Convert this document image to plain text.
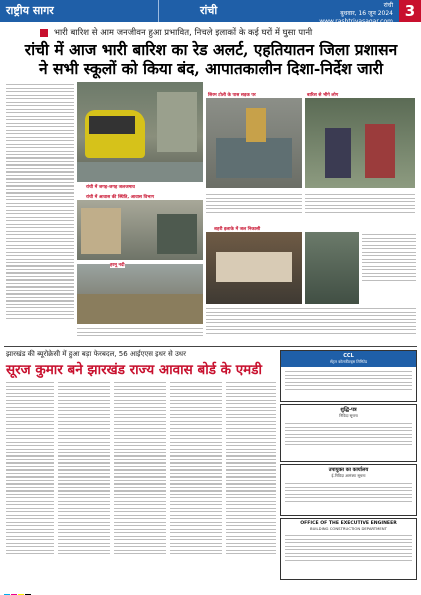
राष्ट्रीय सागर	रांची	रांची
बुधवार, 16 जून 2024
www.rashtriyasagar.com
3
भारी बारिश से आम जनजीवन हुआ प्रभावित, निचले इलाकों के कई घरों में घुसा पानी
रांची में आज भारी बारिश का रेड अलर्ट, एहतियातन जिला प्रशासन
ने सभी स्कूलों को किया बंद, आपातकालीन दिशा-निर्देश जारी
रांची में जगह-जगह जलजमाव
सिरम टोली के पास सड़क पर	बारिश से भीगे लोग
रांची में आवास की स्थिति, आवास विभाग
शहरी इलाके में जल निकासी
हरमू नदी
झारखंड की ब्यूरोक्रेसी में हुआ बड़ा फेरबदल, 56 आईएएस इधर से उधर
सूरज कुमार बने झारखंड राज्य आवास बोर्ड के एमडी
CCL
सेंट्रल कोलफील्ड्स लिमिटेड
शुद्धि-पत्र
निविदा सूचना
उपायुक्त का कार्यालय
ई-निविदा आमंत्रण सूचना
OFFICE OF THE EXECUTIVE ENGINEER
BUILDING CONSTRUCTION DEPARTMENT
